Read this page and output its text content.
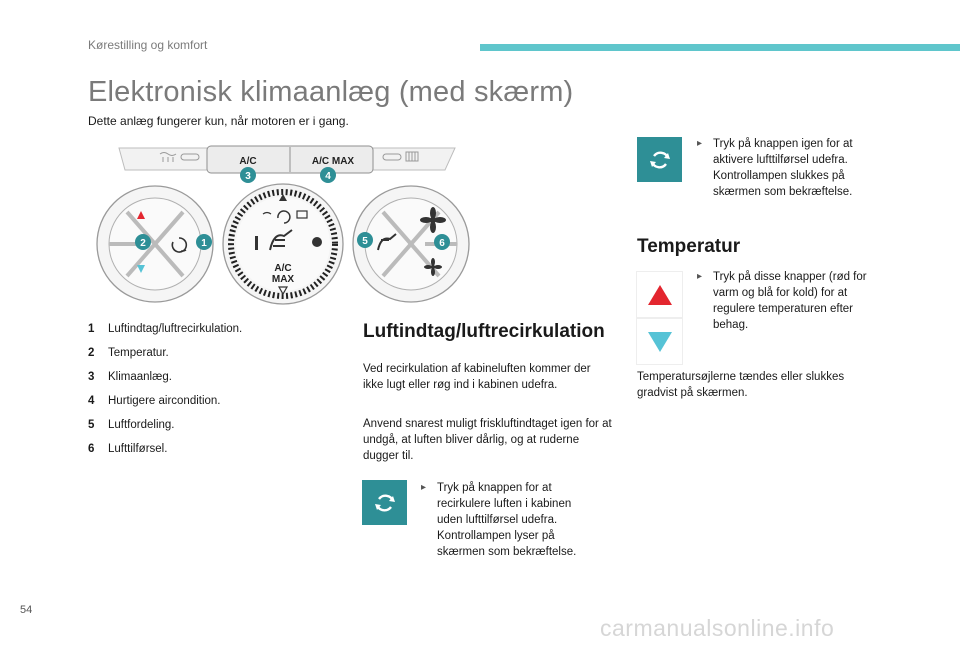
Kørestilling og komfort
Elektronisk klimaanlæg (med skærm)
Dette anlæg fungerer kun, når motoren er i gang.
A/C	A/C MAX
A/C
MAX
2	1
3	4
5	6
1	Luftindtag/luftrecirkulation.
2	Temperatur.
3	Klimaanlæg.
4	Hurtigere aircondition.
5	Luftfordeling.
6	Lufttilførsel.
Luftindtag/luftrecirkulation
Ved recirkulation af kabineluften kommer der ikke lugt eller røg ind i kabinen udefra.
Anvend snarest muligt friskluftindtaget igen for at undgå, at luften bliver dårlig, og at ruderne dugger til.
▸ Tryk på knappen for at recirkulere luften i kabinen uden lufttilførsel udefra. Kontrollampen lyser på skærmen som bekræftelse.
▸ Tryk på knappen igen for at aktivere lufttilførsel udefra. Kontrollampen slukkes på skærmen som bekræftelse.
Temperatur
▸ Tryk på disse knapper (rød for varm og blå for kold) for at regulere temperaturen efter behag.
Temperatursøjlerne tændes eller slukkes gradvist på skærmen.
54
carmanualsonline.info
